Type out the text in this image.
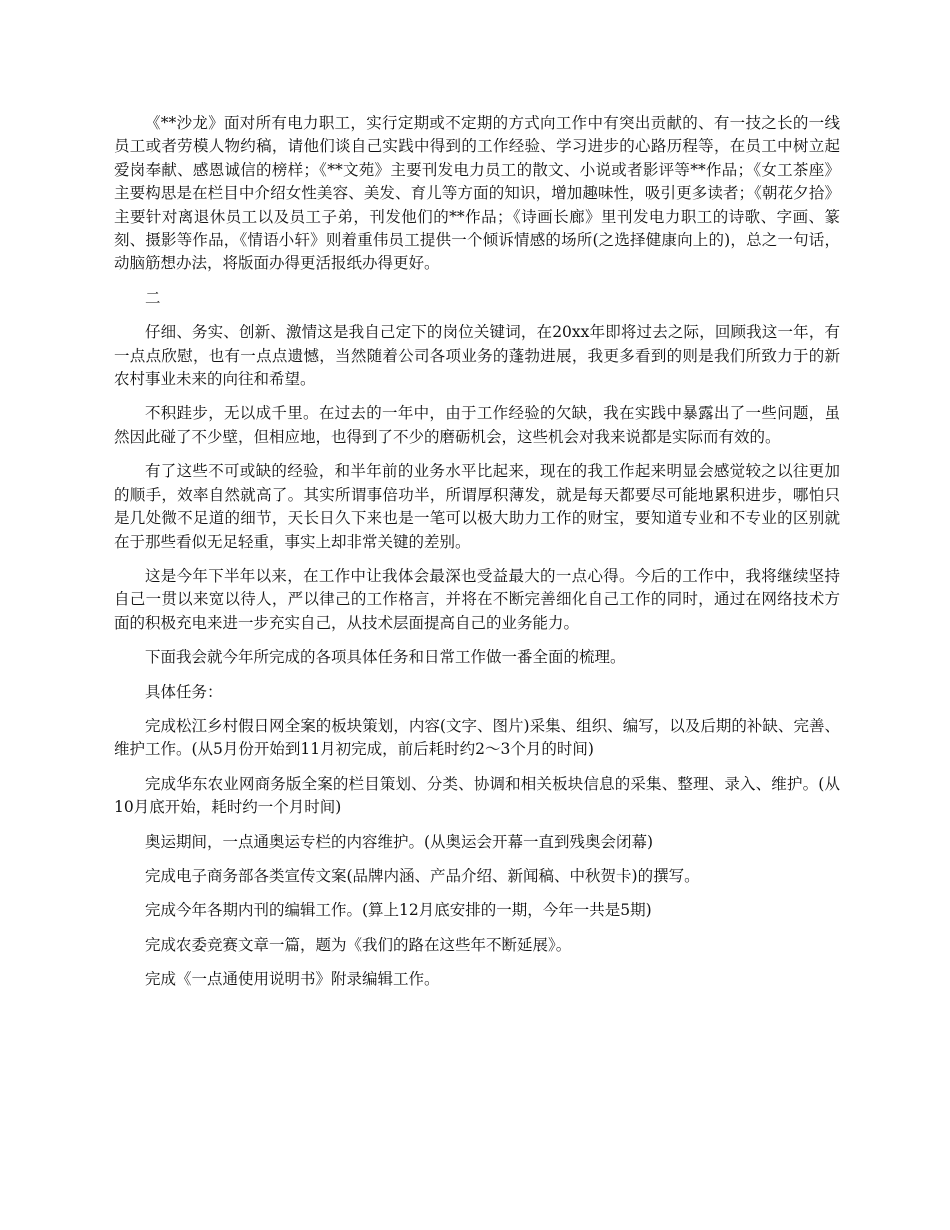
《**沙龙》面对所有电力职工，实行定期或不定期的方式向工作中有突出贡献的、有一技之长的一线员工或者劳模人物约稿，请他们谈自己实践中得到的工作经验、学习进步的心路历程等，在员工中树立起爱岗奉献、感恩诚信的榜样；《**文苑》主要刊发电力员工的散文、小说或者影评等**作品；《女工茶座》主要构思是在栏目中介绍女性美容、美发、育儿等方面的知识，增加趣味性，吸引更多读者；《朝花夕拾》主要针对离退休员工以及员工子弟，刊发他们的**作品；《诗画长廊》里刊发电力职工的诗歌、字画、篆刻、摄影等作品，《情语小轩》则着重伟员工提供一个倾诉情感的场所(之选择健康向上的)，总之一句话，动脑筋想办法，将版面办得更活报纸办得更好。

二

仔细、务实、创新、激情这是我自己定下的岗位关键词，在20xx年即将过去之际，回顾我这一年，有一点点欣慰，也有一点点遗憾，当然随着公司各项业务的蓬勃进展，我更多看到的则是我们所致力于的新农村事业未来的向往和希望。

不积跬步，无以成千里。在过去的一年中，由于工作经验的欠缺，我在实践中暴露出了一些问题，虽然因此碰了不少壁，但相应地，也得到了不少的磨砺机会，这些机会对我来说都是实际而有效的。

有了这些不可或缺的经验，和半年前的业务水平比起来，现在的我工作起来明显会感觉较之以往更加的顺手，效率自然就高了。其实所谓事倍功半，所谓厚积薄发，就是每天都要尽可能地累积进步，哪怕只是几处微不足道的细节，天长日久下来也是一笔可以极大助力工作的财宝，要知道专业和不专业的区别就在于那些看似无足轻重，事实上却非常关键的差别。

这是今年下半年以来，在工作中让我体会最深也受益最大的一点心得。今后的工作中，我将继续坚持自己一贯以来宽以待人，严以律己的工作格言，并将在不断完善细化自己工作的同时，通过在网络技术方面的积极充电来进一步充实自己，从技术层面提高自己的业务能力。

下面我会就今年所完成的各项具体任务和日常工作做一番全面的梳理。

具体任务：

完成松江乡村假日网全案的板块策划，内容(文字、图片)采集、组织、编写，以及后期的补缺、完善、维护工作。(从5月份开始到11月初完成，前后耗时约2～3个月的时间)

完成华东农业网商务版全案的栏目策划、分类、协调和相关板块信息的采集、整理、录入、维护。(从10月底开始，耗时约一个月时间)

奥运期间，一点通奥运专栏的内容维护。(从奥运会开幕一直到残奥会闭幕)

完成电子商务部各类宣传文案(品牌内涵、产品介绍、新闻稿、中秋贺卡)的撰写。

完成今年各期内刊的编辑工作。(算上12月底安排的一期，今年一共是5期)

完成农委竞赛文章一篇，题为《我们的路在这些年不断延展》。

完成《一点通使用说明书》附录编辑工作。
